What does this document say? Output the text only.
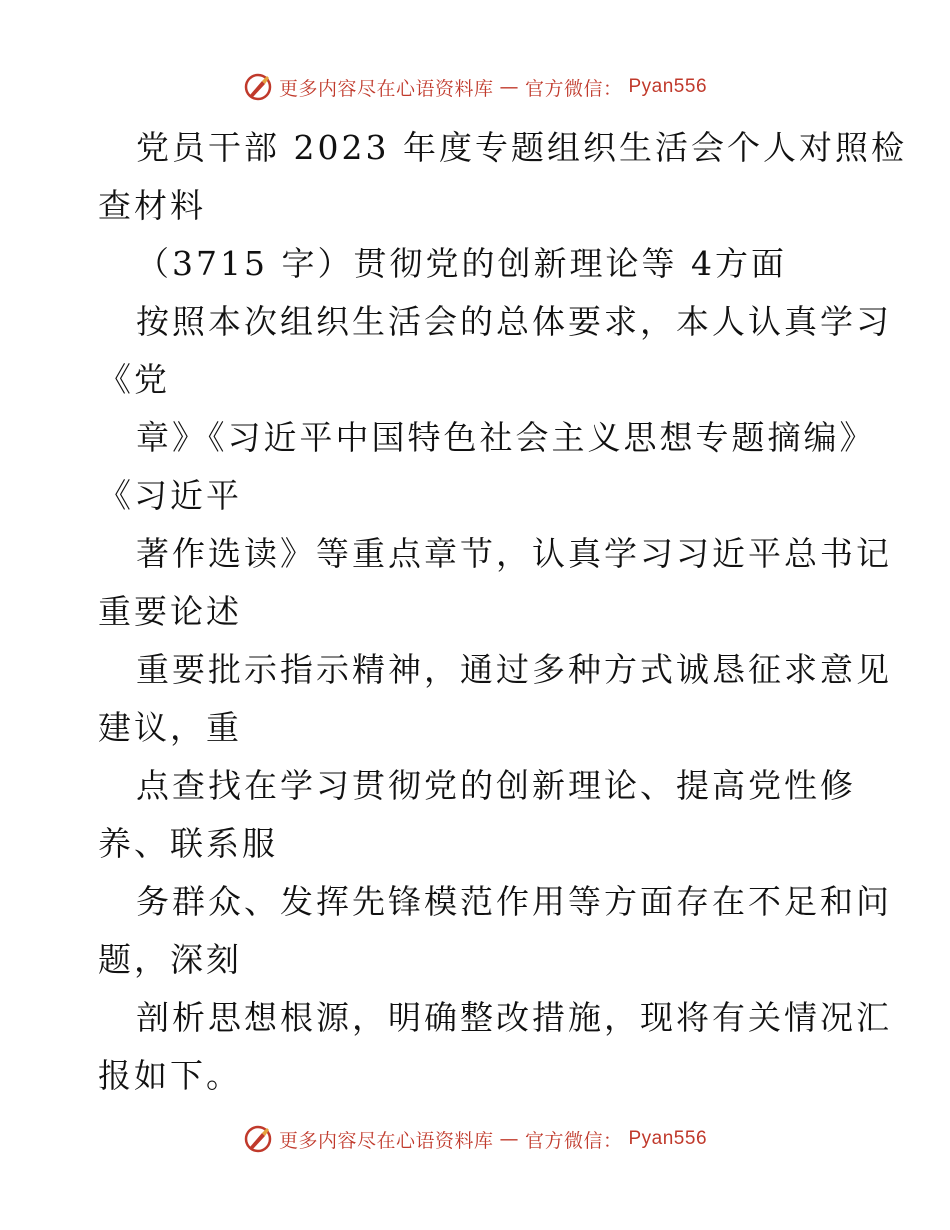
更多内容尽在心语资料库 — 官方微信： Pyan556
党员干部 2023 年度专题组织生活会个人对照检
查材料
（3715 字）贯彻党的创新理论等 4方面
按照本次组织生活会的总体要求，本人认真学习
《党
章》《习近平中国特色社会主义思想专题摘编》
《习近平
著作选读》等重点章节，认真学习习近平总书记
重要论述
重要批示指示精神，通过多种方式诚恳征求意见
建议，重
点查找在学习贯彻党的创新理论、提高党性修
养、联系服
务群众、发挥先锋模范作用等方面存在不足和问
题，深刻
剖析思想根源，明确整改措施，现将有关情况汇
报如下。
更多内容尽在心语资料库 — 官方微信： Pyan556
